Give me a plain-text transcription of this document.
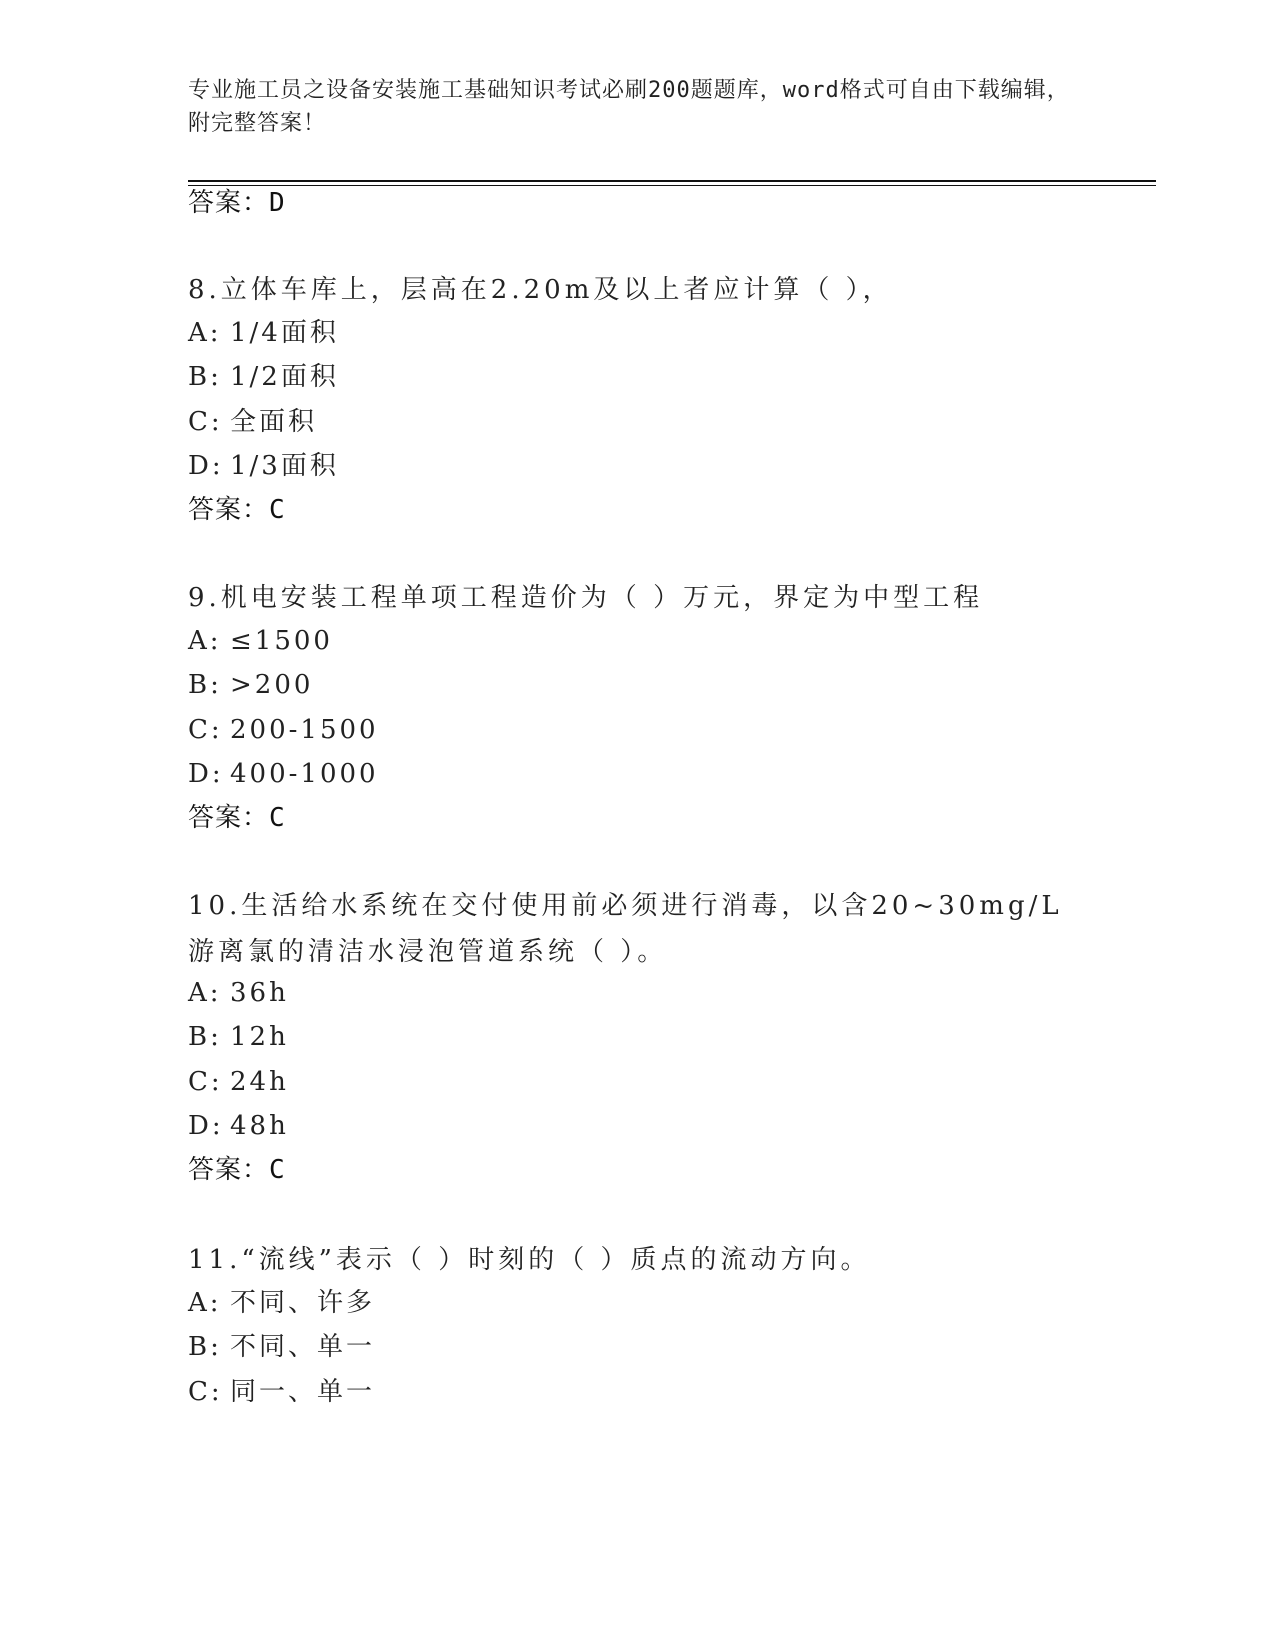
专业施工员之设备安装施工基础知识考试必刷200题题库，word格式可自由下载编辑，附完整答案！
答案：D
8.立体车库上，层高在2.20m及以上者应计算（ ），
A: 1/4面积
B: 1/2面积
C: 全面积
D: 1/3面积
答案：C
9.机电安装工程单项工程造价为（ ）万元，界定为中型工程
A: ≤1500
B: >200
C: 200-1500
D: 400-1000
答案：C
10.生活给水系统在交付使用前必须进行消毒，以含20~30mg/L游离氯的清洁水浸泡管道系统（ ）。
A: 36h
B: 12h
C: 24h
D: 48h
答案：C
11.“流线”表示（ ）时刻的（ ）质点的流动方向。
A: 不同、许多
B: 不同、单一
C: 同一、单一
